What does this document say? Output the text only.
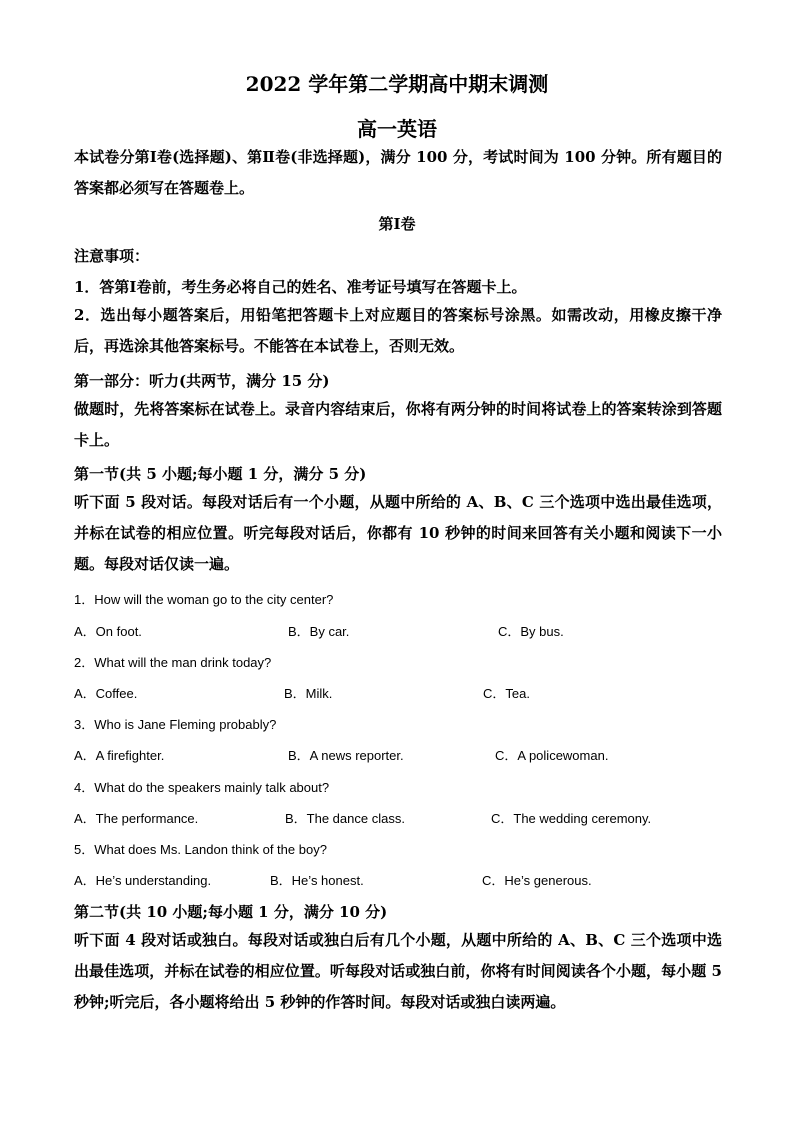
2022 学年第二学期高中期末调测
高一英语
本试卷分第Ⅰ卷(选择题)、第Ⅱ卷(非选择题)，满分 100 分，考试时间为 100 分钟。所有题目的答案都必须写在答题卷上。
第Ⅰ卷
注意事项：
1．答第Ⅰ卷前，考生务必将自己的姓名、准考证号填写在答题卡上。
2．选出每小题答案后，用铅笔把答题卡上对应题目的答案标号涂黑。如需改动，用橡皮擦干净后，再选涂其他答案标号。不能答在本试卷上，否则无效。
第一部分：听力(共两节，满分 15 分)
做题时，先将答案标在试卷上。录音内容结束后，你将有两分钟的时间将试卷上的答案转涂到答题卡上。
第一节(共 5 小题;每小题 1 分，满分 5 分)
听下面 5 段对话。每段对话后有一个小题，从题中所给的 A、B、C 三个选项中选出最佳选项，并标在试卷的相应位置。听完每段对话后，你都有 10 秒钟的时间来回答有关小题和阅读下一小题。每段对话仅读一遍。
1．How will the woman go to the city center?
A．On foot.	B．By car.	C．By bus.
2．What will the man drink today?
A．Coffee.	B．Milk.	C．Tea.
3．Who is Jane Fleming probably?
A．A firefighter.	B．A news reporter.	C．A policewoman.
4．What do the speakers mainly talk about?
A．The performance.	B．The dance class.	C．The wedding ceremony.
5．What does Ms. Landon think of the boy?
A．He’s understanding.	B．He’s honest.	C．He’s generous.
第二节(共 10 小题;每小题 1 分，满分 10 分)
听下面 4 段对话或独白。每段对话或独白后有几个小题，从题中所给的 A、B、C 三个选项中选出最佳选项，并标在试卷的相应位置。听每段对话或独白前，你将有时间阅读各个小题，每小题 5 秒钟;听完后，各小题将给出 5 秒钟的作答时间。每段对话或独白读两遍。
